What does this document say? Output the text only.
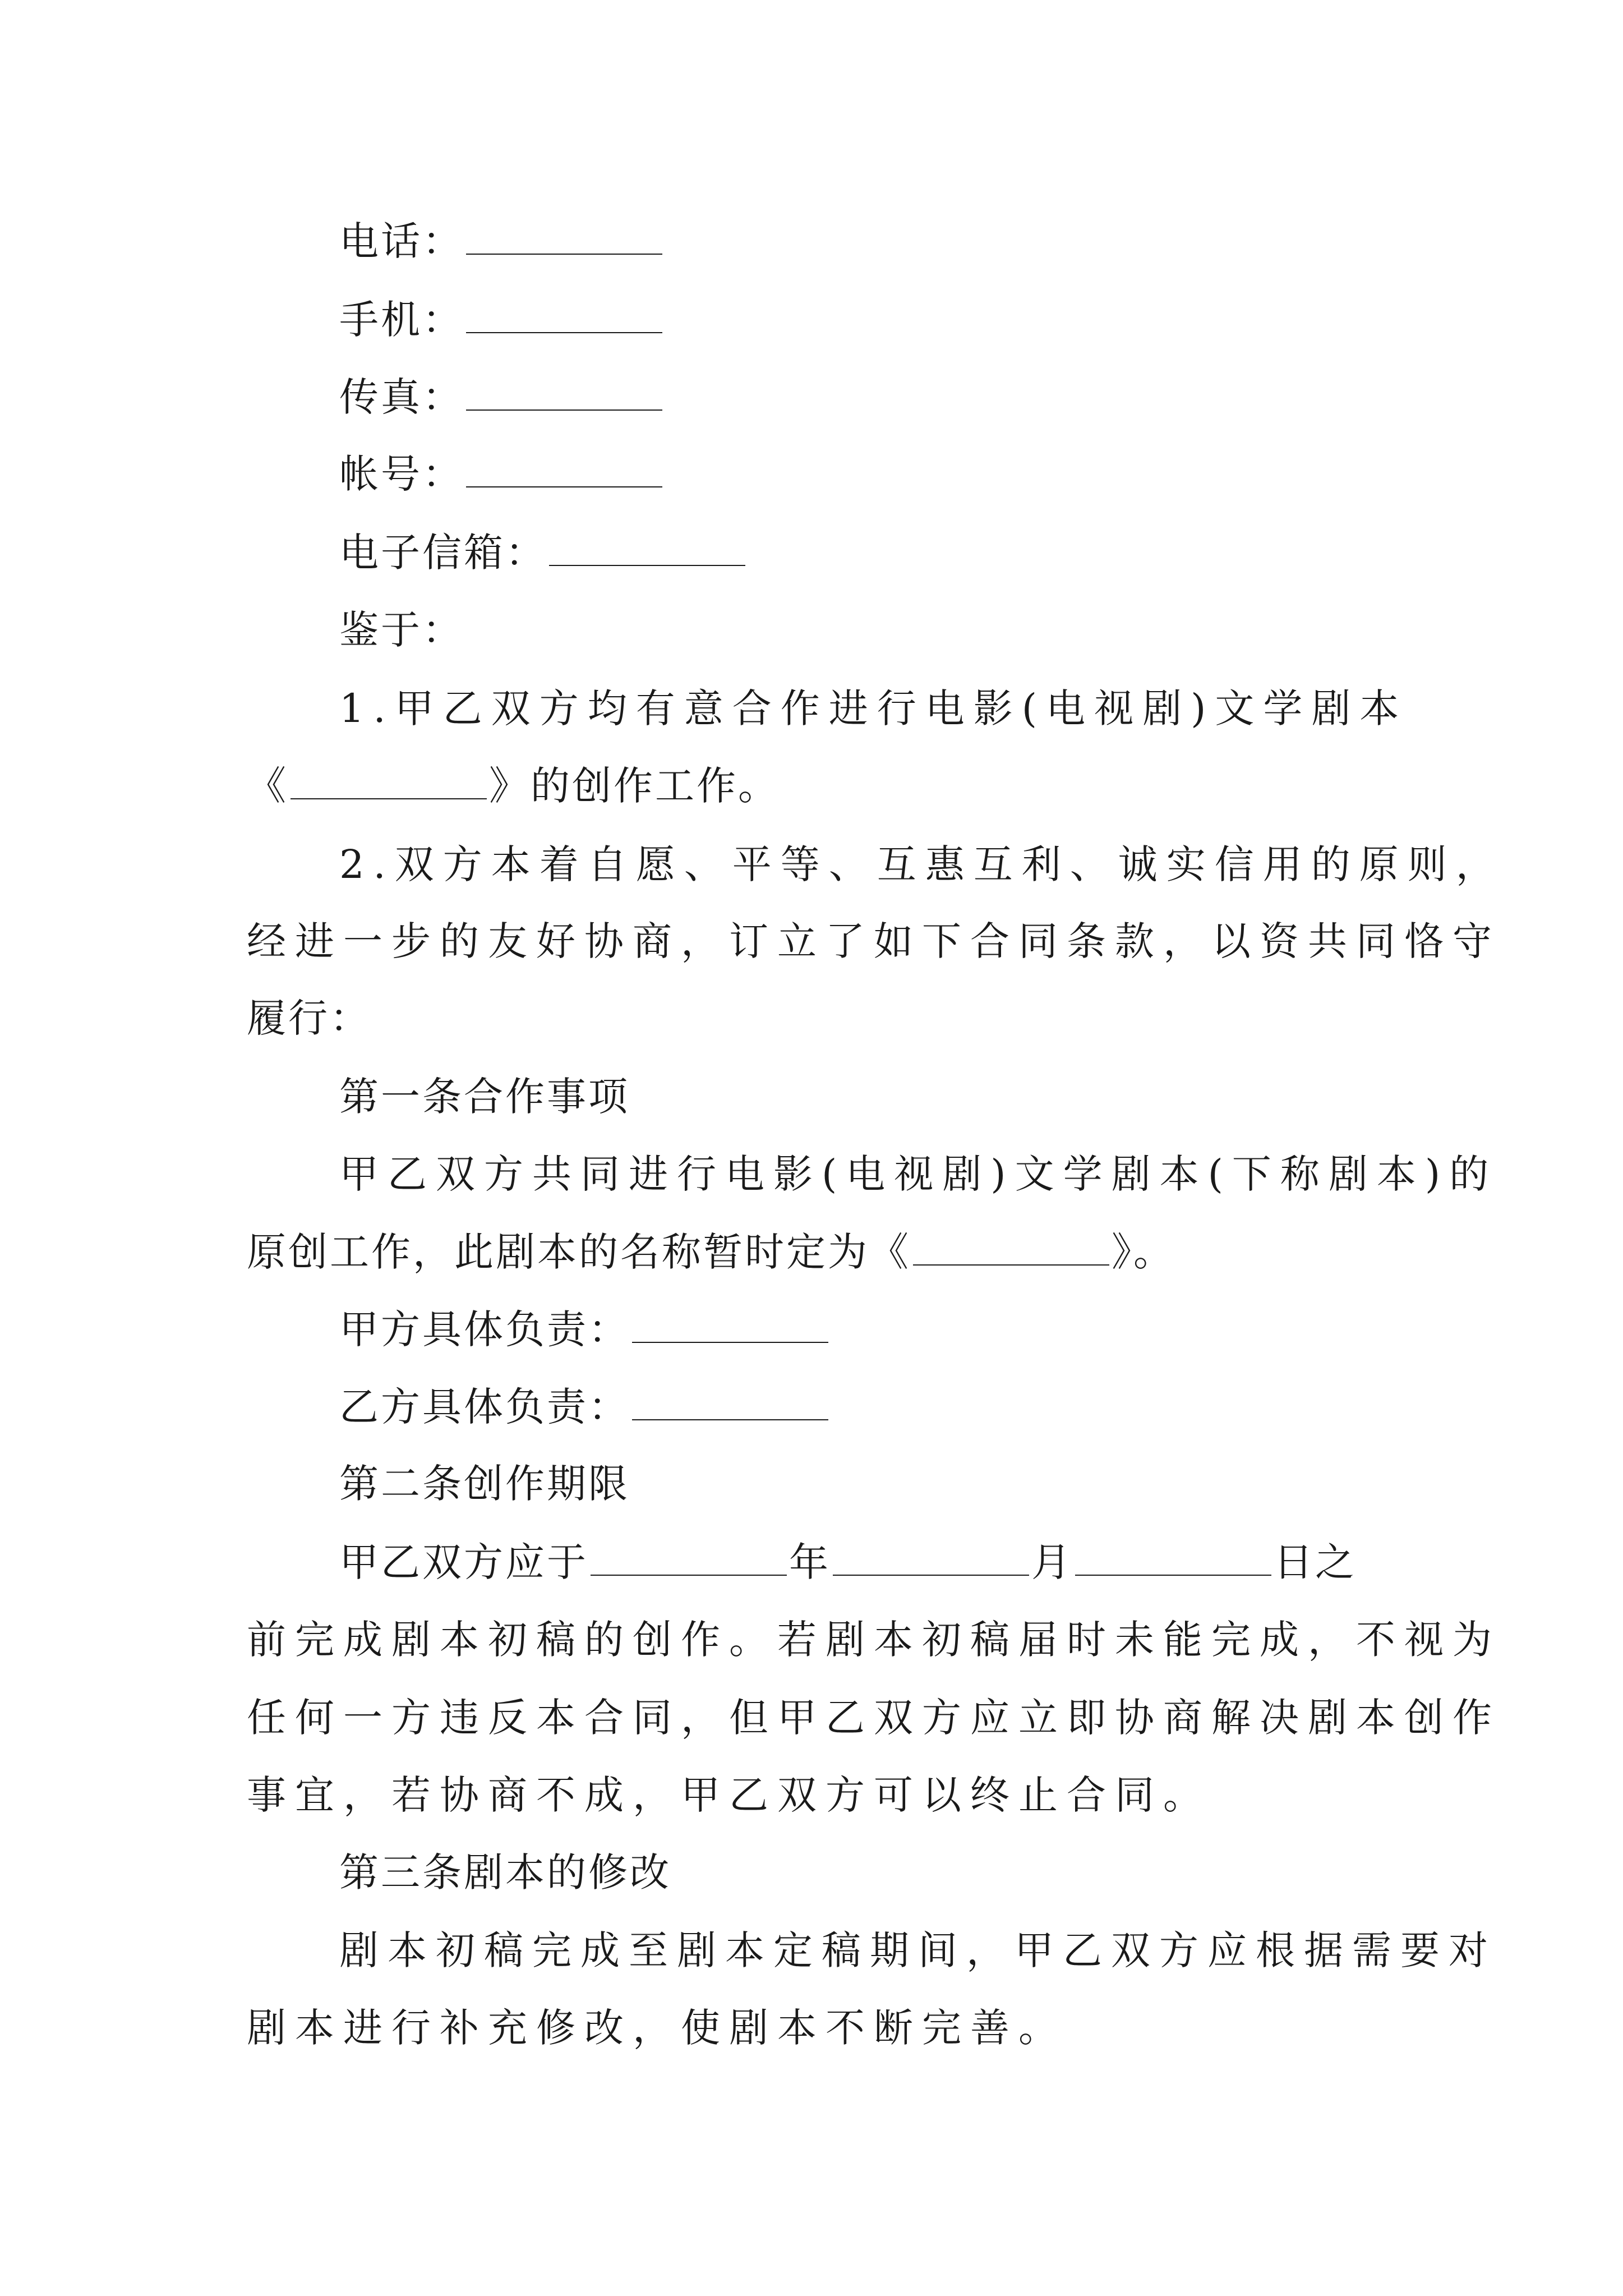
电话：
手机：
传真：
帐号：
电子信箱：
鉴于：
1.甲乙双方均有意合作进行电影(电视剧)文学剧本
《	》的创作工作。
2.双方本着自愿、平等、互惠互利、诚实信用的原则，
经进一步的友好协商，订立了如下合同条款，以资共同恪守
履行：
第一条合作事项
甲乙双方共同进行电影(电视剧)文学剧本(下称剧本)的
原创工作，此剧本的名称暂时定为《	》。
甲方具体负责：
乙方具体负责：
第二条创作期限
甲乙双方应于	年	月	日之
前完成剧本初稿的创作。若剧本初稿届时未能完成，不视为
任何一方违反本合同，但甲乙双方应立即协商解决剧本创作
事宜，若协商不成，甲乙双方可以终止合同。
第三条剧本的修改
剧本初稿完成至剧本定稿期间，甲乙双方应根据需要对
剧本进行补充修改，使剧本不断完善。
